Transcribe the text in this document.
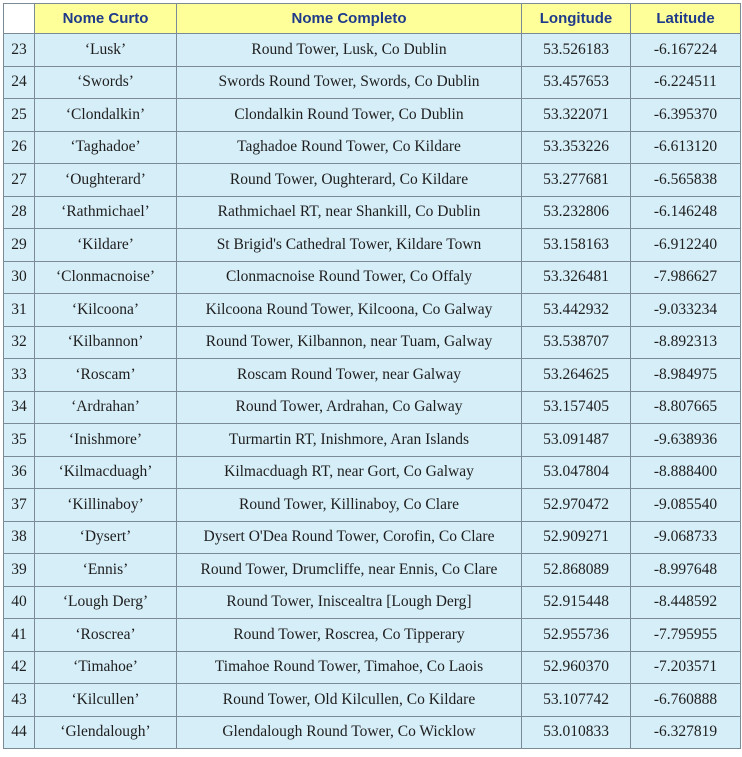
	Nome Curto	Nome Completo	Longitude	Latitude
23	‘Lusk’	Round Tower, Lusk, Co Dublin	53.526183	-6.167224
24	‘Swords’	Swords Round Tower, Swords, Co Dublin	53.457653	-6.224511
25	‘Clondalkin’	Clondalkin Round Tower, Co Dublin	53.322071	-6.395370
26	‘Taghadoe’	Taghadoe Round Tower, Co Kildare	53.353226	-6.613120
27	‘Oughterard’	Round Tower, Oughterard, Co Kildare	53.277681	-6.565838
28	‘Rathmichael’	Rathmichael RT, near Shankill, Co Dublin	53.232806	-6.146248
29	‘Kildare’	St Brigid's Cathedral Tower, Kildare Town	53.158163	-6.912240
30	‘Clonmacnoise’	Clonmacnoise Round Tower, Co Offaly	53.326481	-7.986627
31	‘Kilcoona’	Kilcoona Round Tower, Kilcoona, Co Galway	53.442932	-9.033234
32	‘Kilbannon’	Round Tower, Kilbannon, near Tuam, Galway	53.538707	-8.892313
33	‘Roscam’	Roscam Round Tower, near Galway	53.264625	-8.984975
34	‘Ardrahan’	Round Tower, Ardrahan, Co Galway	53.157405	-8.807665
35	‘Inishmore’	Turmartin RT, Inishmore, Aran Islands	53.091487	-9.638936
36	‘Kilmacduagh’	Kilmacduagh RT, near Gort, Co Galway	53.047804	-8.888400
37	‘Killinaboy’	Round Tower, Killinaboy, Co Clare	52.970472	-9.085540
38	‘Dysert’	Dysert O'Dea Round Tower, Corofin, Co Clare	52.909271	-9.068733
39	‘Ennis’	Round Tower, Drumcliffe, near Ennis, Co Clare	52.868089	-8.997648
40	‘Lough Derg’	Round Tower, Iniscealtra [Lough Derg]	52.915448	-8.448592
41	‘Roscrea’	Round Tower, Roscrea, Co Tipperary	52.955736	-7.795955
42	‘Timahoe’	Timahoe Round Tower, Timahoe, Co Laois	52.960370	-7.203571
43	‘Kilcullen’	Round Tower, Old Kilcullen, Co Kildare	53.107742	-6.760888
44	‘Glendalough’	Glendalough Round Tower, Co Wicklow	53.010833	-6.327819
